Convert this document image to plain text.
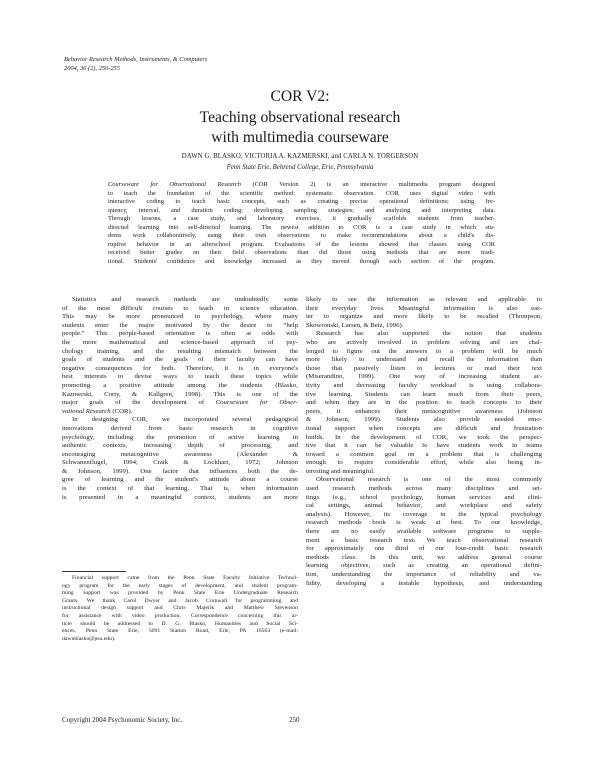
Behavior Research Methods, Instruments, & Computers
2004, 36 (2), 250-255
COR V2:
Teaching observational research
with multimedia courseware
DAWN G. BLASKO, VICTORIA A. KAZMERSKI, and CARLA N. TORGERSON
Penn State Erie, Behrend College, Erie, Pennsylvania
Courseware for Observational Research (COR Version 2) is an interactive multimedia program designed
to teach the foundation of the scientific method: systematic observation. COR uses digital video with
interactive coding to teach basic concepts, such as creating precise operational definitions; using fre-
quency, interval, and duration coding; developing sampling strategies; and analyzing and interpreting data.
Through lessons, a case study, and laboratory exercises, it gradually scaffolds students from teacher-
directed learning into self-directed learning. The newest addition to COR is a case study in which stu-
dents work collaboratively, using their own observations to make recommendations about a child's dis-
ruptive behavior in an afterschool program. Evaluations of the lessons showed that classes using COR
received better grades on their field observations than did those using methods that are more tradi-
tional. Students' confidence and knowledge increased as they moved through each section of the program.
Statistics and research methods are undoubtedly some
of the most difficult courses to teach in science education.
This may be more pronounced in psychology, where many
students enter the major motivated by the desire to “help
people.” This people-based orientation is often at odds with
the more mathematical and science-based approach of psy-
chology training, and the resulting mismatch between the
goals of students and the goals of their faculty can have
negative consequences for both. Therefore, it is in everyone's
best interests to devise ways to teach these topics while
promoting a positive attitude among the students (Blasko,
Kazmerski, Corty, & Kallgren, 1998). This is one of the
major goals of the development of Courseware for Obser-
vational Research (COR).
In designing COR, we incorporated several pedagogical
innovations derived from basic research in cognitive
psychology, including the promotion of active learning in
authentic contexts, increasing depth of processing, and
encouraging metacognitive awareness (Alexander &
Schwanenflugel, 1994; Craik & Lockhart, 1972; Johnson
& Johnson, 1999). One factor that influences both the de-
gree of learning and the student's attitude about a course
is the context of that learning. That is, when information
is presented in a meaningful context, students are more
likely to see the information as relevant and applicable to
their everyday lives. Meaningful information is also eas-
ier to organize and more likely to be recalled (Thompson,
Skowronski, Larsen, & Betz, 1996).
Research has also supported the notion that students
who are actively involved in problem solving and are chal-
lenged to figure out the answers to a problem will be much
more likely to understand and recall the information than
those that passively listen to lectures or read their text
(Miserandino, 1999). One way of increasing student ac-
tivity and decreasing faculty workload is using collabora-
tive learning. Students can learn much from their peers,
and when they are in the position to teach concepts to their
peers, it enhances their metacognitive awareness (Johnson
& Johnson, 1999). Students also provide needed emo-
tional support when concepts are difficult and frustration
builds. In the development of COR, we took the perspec-
tive that it can be valuable to have students work in teams
toward a common goal on a problem that is challenging
enough to require considerable effort, while also being in-
teresting and meaningful.
Observational research is one of the most commonly
used research methods across many disciplines and set-
tings (e.g., school psychology, human services and clini-
cal settings, animal behavior, and workplace and safety
analysis). However, its coverage in the typical psychology
research methods book is weak at best. To our knowledge,
there are no easily available software programs to supple-
ment a basic research text. We teach observational research
for approximately one third of our four-credit basic research
methods class. In this unit, we address general course
learning objectives, such as creating an operational defini-
tion, understanding the importance of reliability and va-
lidity, developing a testable hypothesis, and understanding
Financial support came from the Penn State Faculty Initiative Technol-
ogy program for the early stages of development, and student program-
ming support was provided by Penn State Erie Undergraduate Research
Grants. We thank Carol Dwyer and Jacob Cornwall for programming and
instructional design support and Chris Majerik and Matthew Stevenson
for assistance with video production. Correspondence concerning this ar-
ticle should be addressed to D. G. Blasko, Humanities and Social Sci-
ences, Penn State Erie, 5091 Station Road, Erie, PA 16563 (e-mail:
dawnblasko@psu.edu).
Copyright 2004 Psychonomic Society, Inc.	250
